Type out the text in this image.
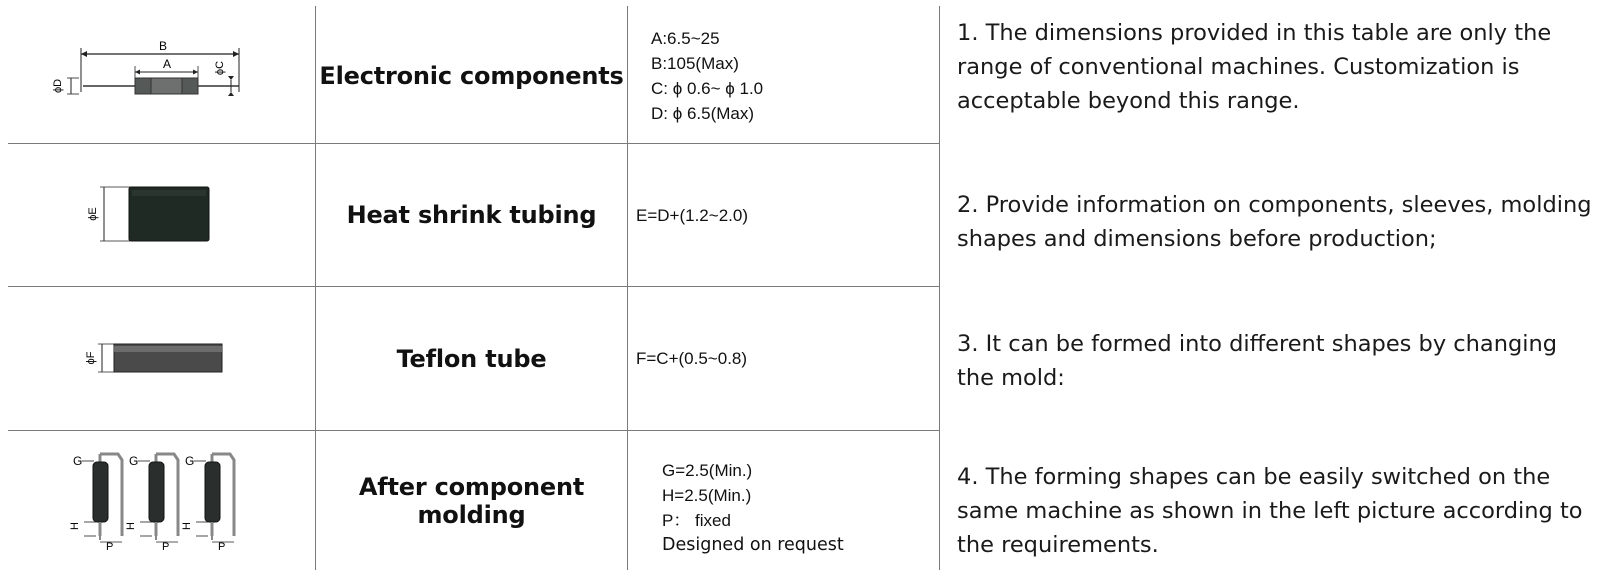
B
A
ϕD
ϕC
ϕE
ϕF
G
H
P
G
H
P
G
H
P
Electronic components
Heat shrink tubing
Teflon tube
After component molding
A:6.5~25
B:105(Max)
C: ϕ 0.6~ ϕ 1.0
D: ϕ 6.5(Max)
E=D+(1.2~2.0)
F=C+(0.5~0.8)
G=2.5(Min.)
H=2.5(Min.)
P： fixed
Designed on request
1. The dimensions provided in this table are only the range of conventional machines. Customization is acceptable beyond this range.
2. Provide information on components, sleeves, molding shapes and dimensions before production;
3. It can be formed into different shapes by changing the mold:
4. The forming shapes can be easily switched on the same machine as shown in the left picture according to the requirements.
